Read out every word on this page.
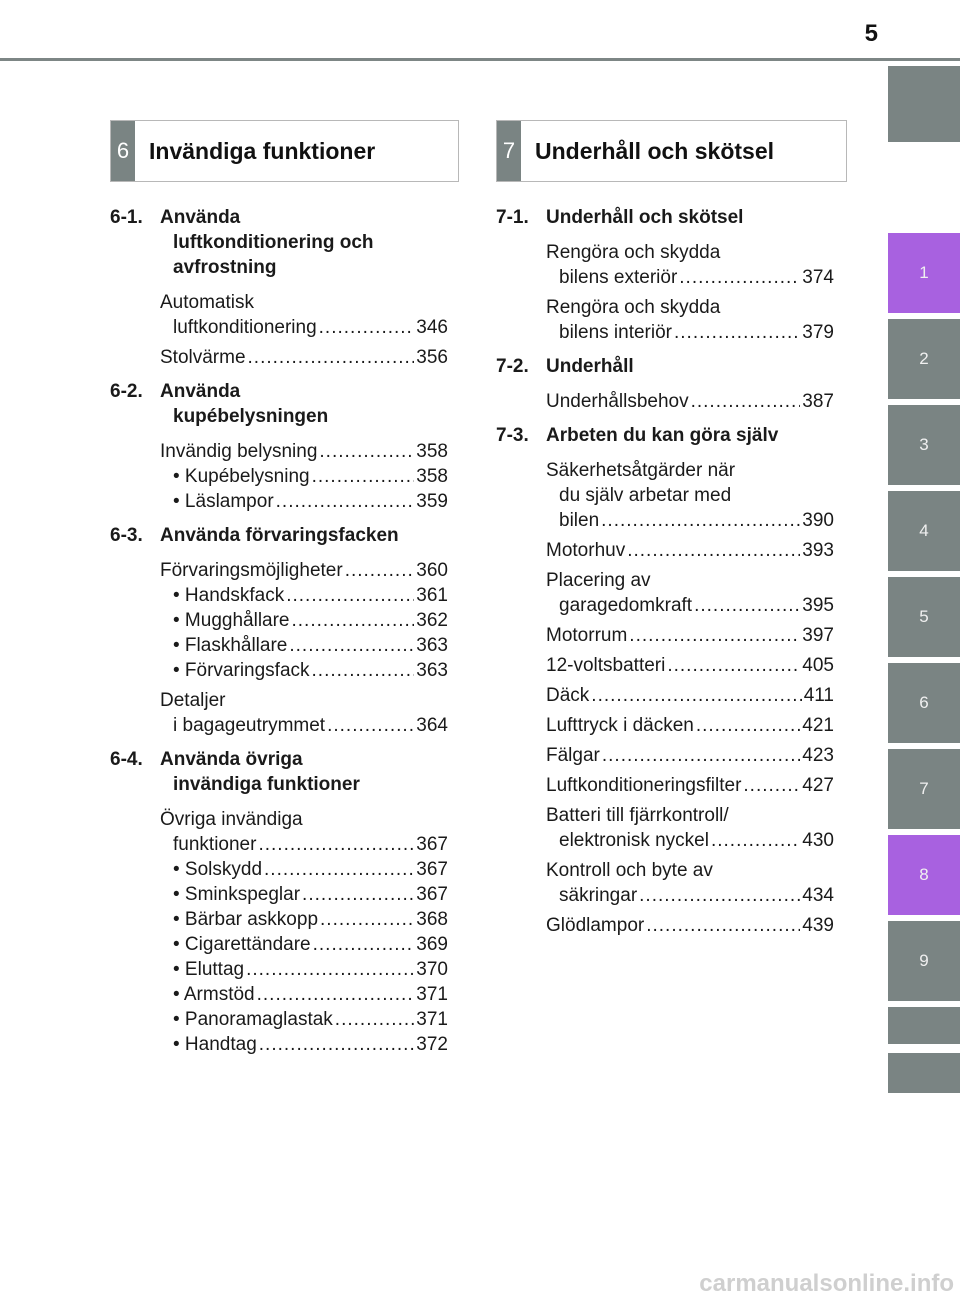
5
1
2
3
4
5
6
7
8
9
6 Invändiga funktioner	7 Underhåll och skötsel
6-1. Använda
luftkonditionering och
avfrostning
Automatisk
luftkonditionering .....	346
Stolvärme .....	356
6-2. Använda
kupébelysningen
Invändig belysning .....	358
• Kupébelysning .....	358
• Läslampor .....	359
6-3. Använda förvaringsfacken
Förvaringsmöjligheter .....	360
• Handskfack .....	361
• Mugghållare .....	362
• Flaskhållare .....	363
• Förvaringsfack .....	363
Detaljer
i bagageutrymmet .....	364
6-4. Använda övriga
invändiga funktioner
Övriga invändiga
funktioner .....	367
• Solskydd .....	367
• Sminkspeglar .....	367
• Bärbar askkopp .....	368
• Cigarettändare .....	369
• Eluttag .....	370
• Armstöd .....	371
• Panoramaglastak .....	371
• Handtag .....	372
7-1. Underhåll och skötsel
Rengöra och skydda
bilens exteriör .....	374
Rengöra och skydda
bilens interiör .....	379
7-2. Underhåll
Underhållsbehov .....	387
7-3. Arbeten du kan göra själv
Säkerhetsåtgärder när
du själv arbetar med
bilen .....	390
Motorhuv .....	393
Placering av
garagedomkraft .....	395
Motorrum .....	397
12-voltsbatteri .....	405
Däck .....	411
Lufttryck i däcken .....	421
Fälgar .....	423
Luftkonditioneringsfilter .....	427
Batteri till fjärrkontroll/
elektronisk nyckel .....	430
Kontroll och byte av
säkringar .....	434
Glödlampor .....	439
carmanualsonline.info
